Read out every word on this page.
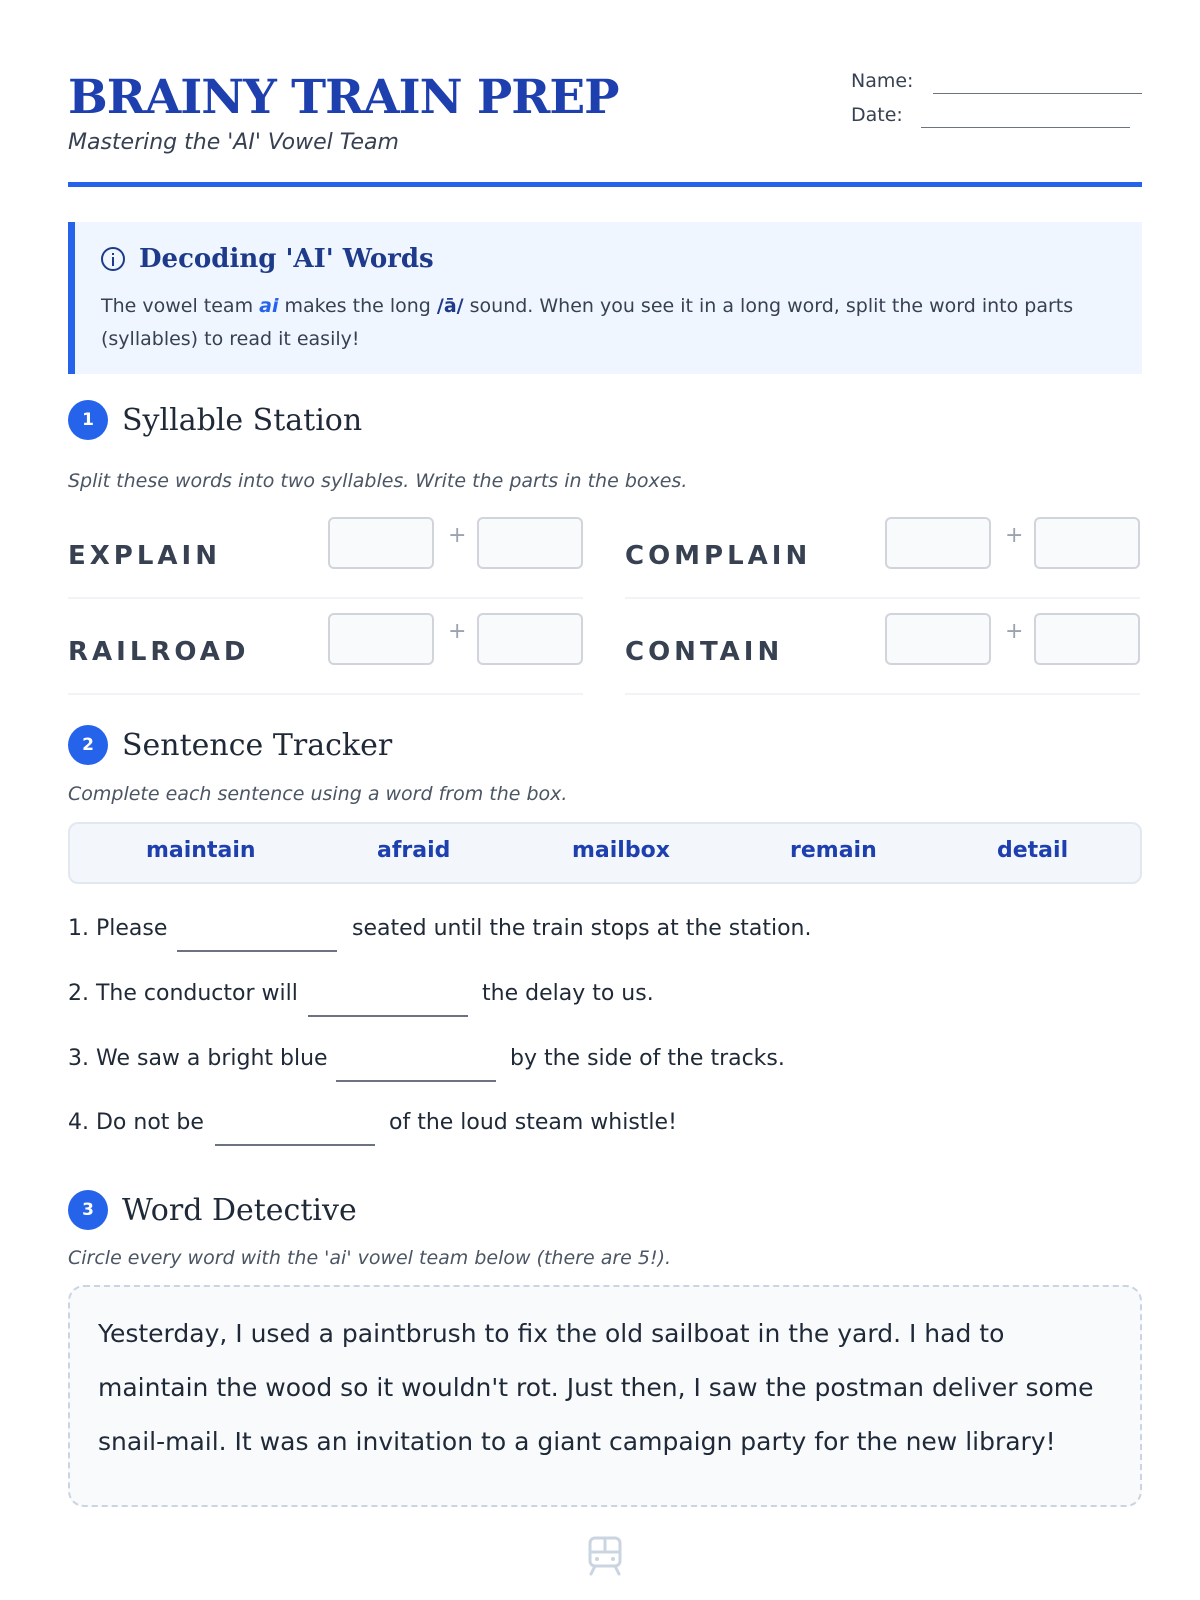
BRAINY TRAIN PREP
Mastering the 'AI' Vowel Team
Name:
Date:
Decoding 'AI' Words
The vowel team ai makes the long /ā/ sound. When you see it in a long word, split the word into parts (syllables) to read it easily!
1 Syllable Station
Split these words into two syllables. Write the parts in the boxes.
EXPLAIN
+
COMPLAIN
+
RAILROAD
+
CONTAIN
+
2 Sentence Tracker
Complete each sentence using a word from the box.
maintain	afraid	mailbox	remain	detail
1. Please	seated until the train stops at the station.
2. The conductor will	the delay to us.
3. We saw a bright blue	by the side of the tracks.
4. Do not be	of the loud steam whistle!
3 Word Detective
Circle every word with the 'ai' vowel team below (there are 5!).

Yesterday, I used a paintbrush to fix the old sailboat in the yard. I had to maintain the wood so it wouldn't rot. Just then, I saw the postman deliver some snail-mail. It was an invitation to a giant campaign party for the new library!
